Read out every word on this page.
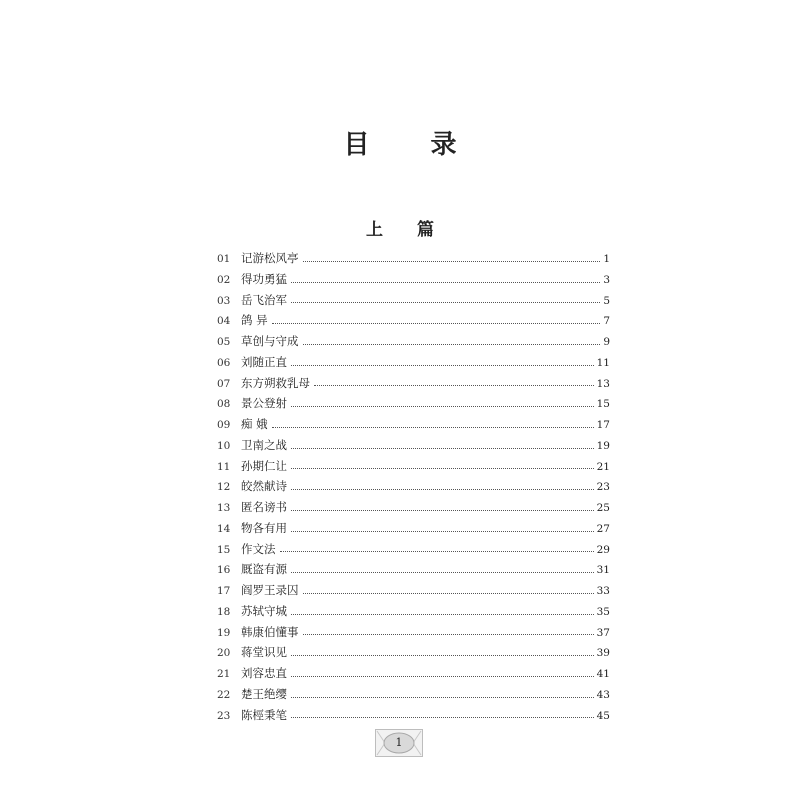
目 录
上 篇
01 记游松风亭	1
02 得功勇猛	3
03 岳飞治军	5
04 鸽 异	7
05 草创与守成	9
06 刘随正直	11
07 东方朔救乳母	13
08 景公登射	15
09 痴 娥	17
10 卫南之战	19
11 孙期仁让	21
12 皎然献诗	23
13 匿名谤书	25
14 物各有用	27
15 作文法	29
16 厩盗有源	31
17 阎罗王录囚	33
18 苏轼守城	35
19 韩康伯懂事	37
20 蒋堂识见	39
21 刘容忠直	41
22 楚王绝缨	43
23 陈桱秉笔	45
1
